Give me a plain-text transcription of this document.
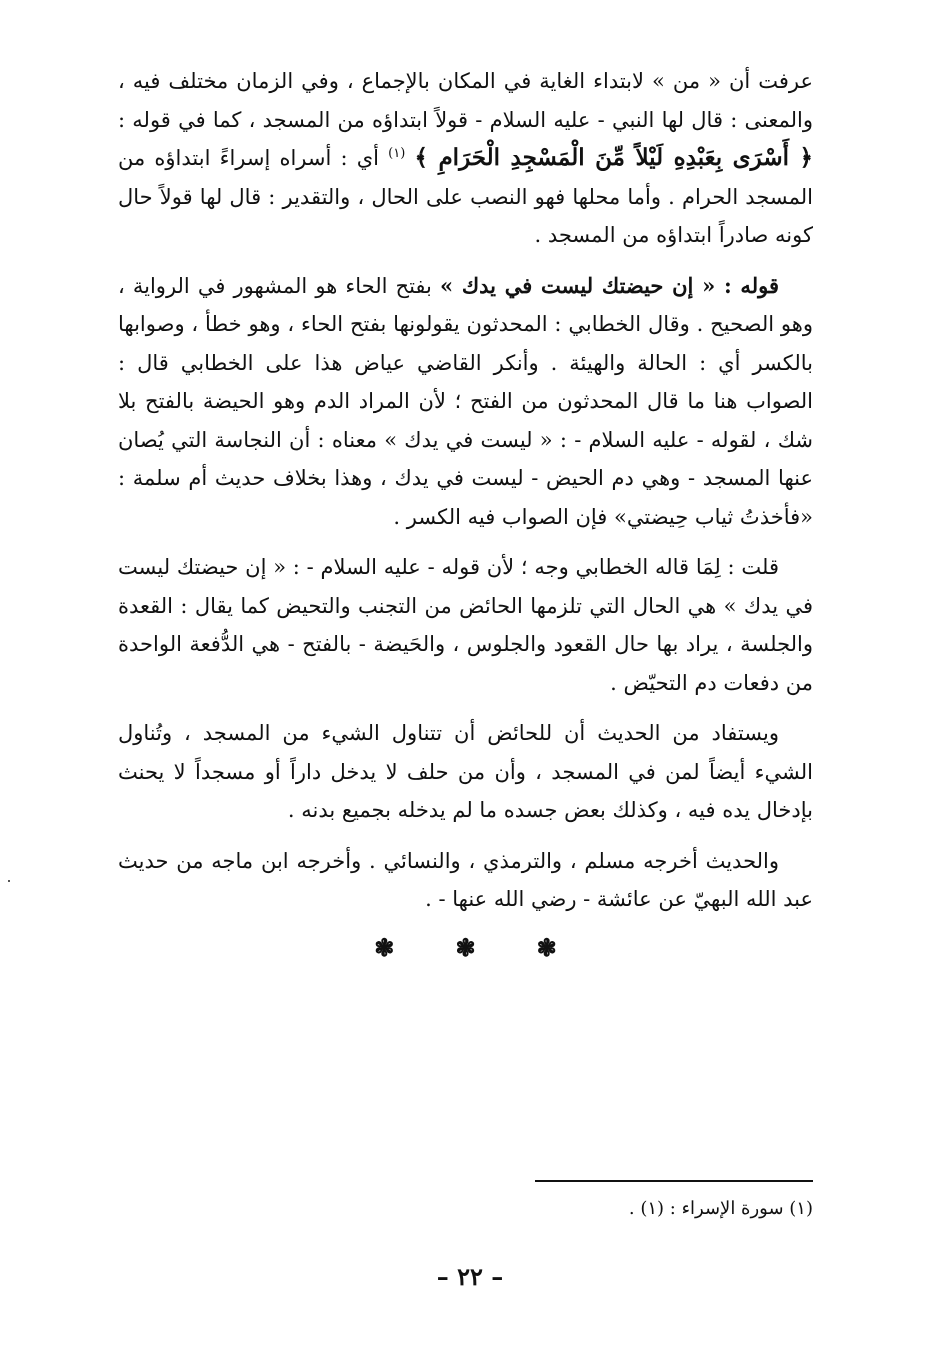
عرفت أن « من » لابتداء الغاية في المكان بالإجماع ، وفي الزمان مختلف فيه ، والمعنى : قال لها النبي - عليه السلام - قولاً ابتداؤه من المسجد ، كما في قوله : ﴿ أَسْرَى بِعَبْدِهِ لَيْلاً مِّنَ الْمَسْجِدِ الْحَرَامِ ﴾ $^{(١)}$ أي : أسراه إسراءً ابتداؤه من المسجد الحرام . وأما محلها فهو النصب على الحال ، والتقدير : قال لها قولاً حال كونه صادراً ابتداؤه من المسجد .

قوله : « إن حيضتك ليست في يدك » بفتح الحاء هو المشهور في الرواية ، وهو الصحيح . وقال الخطابي : المحدثون يقولونها بفتح الحاء ، وهو خطأ ، وصوابها بالكسر أي : الحالة والهيئة . وأنكر القاضي عياض هذا على الخطابي قال : الصواب هنا ما قال المحدثون من الفتح ؛ لأن المراد الدم وهو الحيضة بالفتح بلا شك ، لقوله - عليه السلام - : « ليست في يدك » معناه : أن النجاسة التي يُصان عنها المسجد - وهي دم الحيض - ليست في يدك ، وهذا بخلاف حديث أم سلمة : «فأخذتُ ثياب حِيضتي» فإن الصواب فيه الكسر .

قلت : لِمَا قاله الخطابي وجه ؛ لأن قوله - عليه السلام - : « إن حيضتك ليست في يدك » هي الحال التي تلزمها الحائض من التجنب والتحيض كما يقال : القعدة والجلسة ، يراد بها حال القعود والجلوس ، والحَيضة - بالفتح - هي الدُّفعة الواحدة من دفعات دم التحيّض .

ويستفاد من الحديث أن للحائض أن تتناول الشيء من المسجد ، وتُناول الشيء أيضاً لمن في المسجد ، وأن من حلف لا يدخل داراً أو مسجداً لا يحنث بإدخال يده فيه ، وكذلك بعض جسده ما لم يدخله بجميع بدنه .

والحديث أخرجه مسلم ، والترمذي ، والنسائي . وأخرجه ابن ماجه من حديث عبد الله البهيّ عن عائشة - رضي الله عنها - .

❃	❃	❃
(١) سورة الإسراء : (١) .
– ٢٢ –
